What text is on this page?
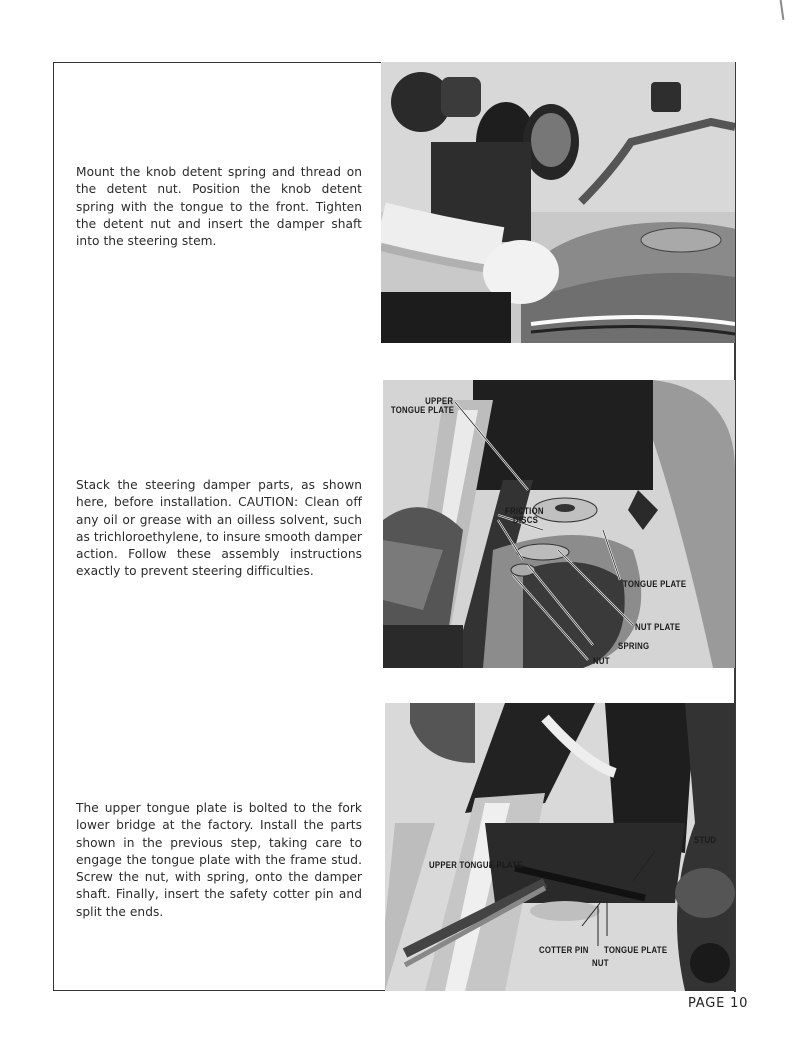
Mount the knob detent spring and thread on the detent nut. Position the knob detent spring with the tongue to the front. Tighten the detent nut and insert the damper shaft into the steering stem.
Stack the steering damper parts, as shown here, before installation. CAUTION: Clean off any oil or grease with an oilless solvent, such as trichloroethylene, to insure smooth damper action. Follow these assembly instructions exactly to prevent steering difficulties.
UPPER
TONGUE PLATE
FRICTION
DISCS
TONGUE PLATE
NUT PLATE
SPRING
NUT
The upper tongue plate is bolted to the fork lower bridge at the factory. Install the parts shown in the previous step, taking care to engage the tongue plate with the frame stud. Screw the nut, with spring, onto the damper shaft. Finally, insert the safety cotter pin and split the ends.
STUD
UPPER TONGUE PLATE
COTTER PIN TONGUE PLATE
NUT
PAGE 10
